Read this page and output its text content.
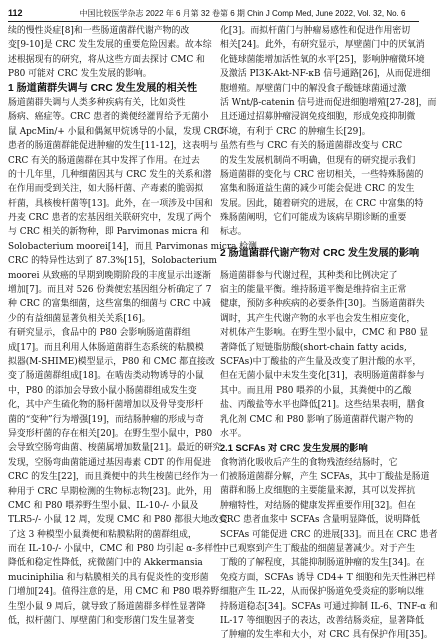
112	中国比较医学杂志 2022 年 6 月第 32 卷第 6 期 Chin J Comp Med, June 2022, Vol. 32, No. 6
续的慢性炎症[8]和一些肠道菌群代谢产物的改
变[9-10]是 CRC 发生发展的重要危险因素。故本综
述根据现有的研究，将从这些方面去探讨 CMC 和
P80 可能对 CRC 发生发展的影响。
1 肠道菌群失调与 CRC 发生发展的相关性
肠道菌群失调与人类多种疾病有关，比如炎性
肠病、癌症等。CRC 患者的粪便经灌胃给予无菌小
鼠 ApcMin/+ 小鼠和偶氮甲烷诱导的小鼠，发现 CRC
患者的肠道菌群能促进肿瘤的发生[11-12]，这表明与
CRC 有关的肠道菌群在其中发挥了作用。在过去
的十几年里，几种细菌因其与 CRC 发生的关系和潜
在作用而受到关注，如大肠杆菌、产毒素的脆弱拟
杆菌，具核梭杆菌等[13]。此外，在一项涉及中国和
丹麦 CRC 患者的宏基因组关联研究中，发现了两个
与 CRC 相关的新物种，即 Parvimonas micra 和
Solobacterium moorei[14]，而且 Parvimonas micra 检测
CRC 的特异性达到了 87.3%[15]，Solobacterium
moorei 从致癌的早期到晚期阶段的丰度显示出逐渐
增加[7]。而且对 526 份粪便宏基因组分析确定了 7
种 CRC 的富集细菌，这些富集的细菌与 CRC 中减
少的有益细菌显著负相关关系[16]。
有研究显示，食品中的 P80 会影响肠道菌群组
成[17]。而且利用人体肠道菌群生态系统的粘膜模
拟器(M-SHIME)模型显示，P80 和 CMC 都直接改
变了肠道菌群组成[18]。在啮齿类动物诱导的小鼠
中，P80 的添加会导致小鼠小肠菌群组成发生变
化，其中产生硫化物的肠杆菌增加以及骨导变形杆
菌的“变种”行为增强[19]，而结肠肿瘤的形成与奇
异变形杆菌的存在相关[20]。在野生型小鼠中，P80
会导致空肠弯曲菌、梭菌属增加数量[21]。最近的研究
发现，空肠弯曲菌能通过基因毒素 CDT 的作用促进
CRC 的发生[22]，而且粪便中的共生梭菌已经作为一
种用于 CRC 早期检测的生物标志物[23]。此外，用
CMC 和 P80 喂养野生型小鼠、IL-10-/- 小鼠及
TLR5-/- 小鼠 12 周，发现 CMC 和 P80 都很大地改变
了这 3 种模型小鼠粪便和粘膜粘附的菌群组成，
而在 IL-10-/- 小鼠中，CMC 和 P80 均引起 α-多样性
降低和稳定性降低，疣微菌门中的 Akkermansia
muciniphilia 和与粘膜相关的具有促炎性的变形菌
门增加[24]。值得注意的是，用 CMC 和 P80 喂养野
生型小鼠 9 周后，就导致了肠道菌群多样性显著降
低，拟杆菌门、厚壁菌门和变形菌门发生显著变
化[3]。而拟杆菌门与肿瘤易感性和促进作用密切
相关[24]。此外，有研究显示，厚壁菌门中的厌氧消
化链球菌能增加活性氧的水平[25]，影响肿瘤微环境
及激活 PI3K-Akt-NF-κB 信号通路[26]，从而促进细
胞增殖。厚壁菌门中的解没食子酸链球菌通过激
活 Wnt/β-catenin 信号进而促进细胞增殖[27-28]，而
且还通过招募肿瘤浸润免疫细胞，形成免疫抑制微
环境，有利于 CRC 的肿瘤生长[29]。
虽然有些与 CRC 有关的肠道菌群改变与 CRC
的发生发展机制尚不明确，但现有的研究提示我们
肠道菌群的变化与 CRC 密切相关，一些特殊肠菌的
富集和肠道益生菌的减少可能会促进 CRC 的发生
发展。因此，随着研究的进展，在 CRC 中富集的特
殊肠菌阐明，它们可能成为该病早期诊断的重要
标志。
2 肠道菌群代谢产物对 CRC 发生发展的影响
肠道菌群参与代谢过程，其种类和比例决定了
宿主的能量平衡。维持肠道平衡是维持宿主正常
健康，预防多种疾病的必要条件[30]。当肠道菌群失
调时，其产生代谢产物的水平也会发生相应变化，
对机体产生影响。在野生型小鼠中，CMC 和 P80 显
著降低了短链脂肪酸(short-chain fatty acids,
SCFAs)中丁酸盐的产生量及改变了胆汁酸的水平，
但在无菌小鼠中未发生变化[31]，表明肠道菌群参与
其中。而且用 P80 喂养的小鼠，其粪便中的乙酸
盐、丙酸盐等水平也降低[21]。这些结果表明，膳食
乳化剂 CMC 和 P80 影响了肠道菌群代谢产物的
水平。
2.1 SCFAs 对 CRC 发生发展的影响
食物消化吸收后产生的食物残渣经结肠时，它
们被肠道菌群分解，产生 SCFAs，其中丁酸盐是肠道
菌群和肠上皮细胞的主要能量来源，其可以发挥抗
肿瘤特性，对结肠的健康发挥重要作用[32]。但在
CRC 患者血浆中 SCFAs 含量明显降低，说明降低
SCFAs 可能促进 CRC 的进展[33]。而且在 CRC 患者
中已观察到产生丁酸盐的细菌显著减少。对于产生
丁酸的了解程度，其能抑制肠道肿瘤的发生[34]。在
免疫方面，SCFAs 诱导 CD4+ T 细胞和先天性淋巴样
细胞产生 IL-22，从而保护肠道免受炎症的影响以维
持肠道稳态[34]。SCFAs 可通过抑制 IL-6、TNF-α 和
IL-17 等细胞因子的表达，改善结肠炎症，显著降低
了肿瘤的发生率和大小，对 CRC 具有保护作用[35]。
